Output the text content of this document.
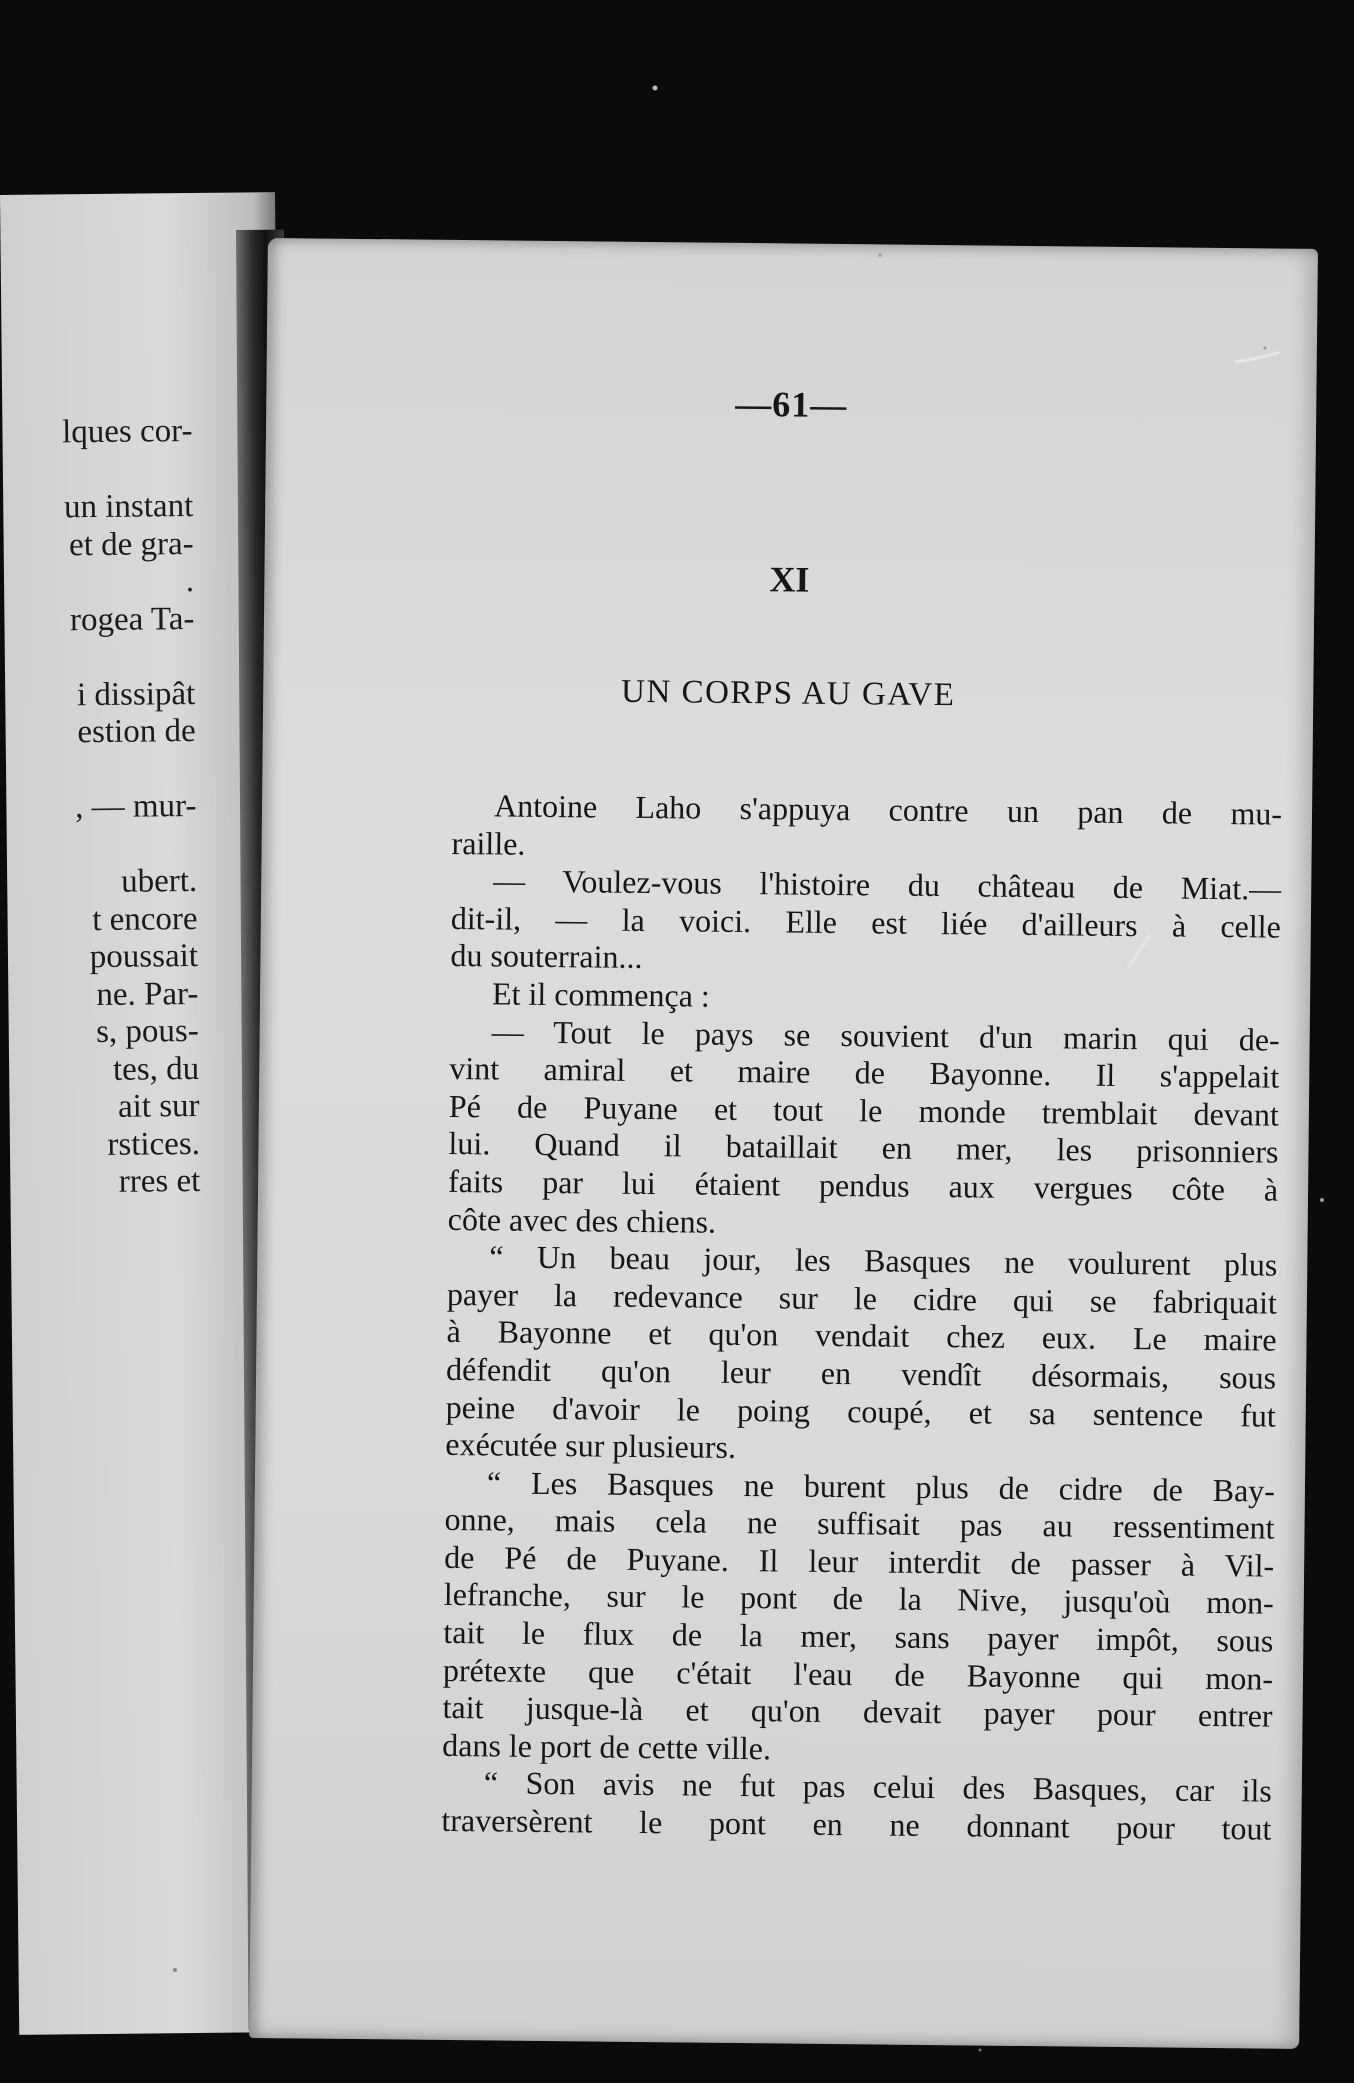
lques cor-
un instant
et de gra-
.
rogea Ta-
i dissipât
estion de
, — mur-
ubert.
t encore
poussait
ne. Par-
s, pous-
tes, du
ait sur
rstices.
rres et
—61—
XI
UN CORPS AU GAVE
Antoine Laho s'appuya contre un pan de mu-
raille.
— Voulez-vous l'histoire du château de Miat.—
dit-il, — la voici. Elle est liée d'ailleurs à celle
du souterrain...
Et il commença :
— Tout le pays se souvient d'un marin qui de-
vint amiral et maire de Bayonne. Il s'appelait
Pé de Puyane et tout le monde tremblait devant
lui. Quand il bataillait en mer, les prisonniers
faits par lui étaient pendus aux vergues côte à
côte avec des chiens.
“ Un beau jour, les Basques ne voulurent plus
payer la redevance sur le cidre qui se fabriquait
à Bayonne et qu'on vendait chez eux. Le maire
défendit qu'on leur en vendît désormais, sous
peine d'avoir le poing coupé, et sa sentence fut
exécutée sur plusieurs.
“ Les Basques ne burent plus de cidre de Bay-
onne, mais cela ne suffisait pas au ressentiment
de Pé de Puyane. Il leur interdit de passer à Vil-
lefranche, sur le pont de la Nive, jusqu'où mon-
tait le flux de la mer, sans payer impôt, sous
prétexte que c'était l'eau de Bayonne qui mon-
tait jusque-là et qu'on devait payer pour entrer
dans le port de cette ville.
“ Son avis ne fut pas celui des Basques, car ils
traversèrent le pont en ne donnant pour tout
